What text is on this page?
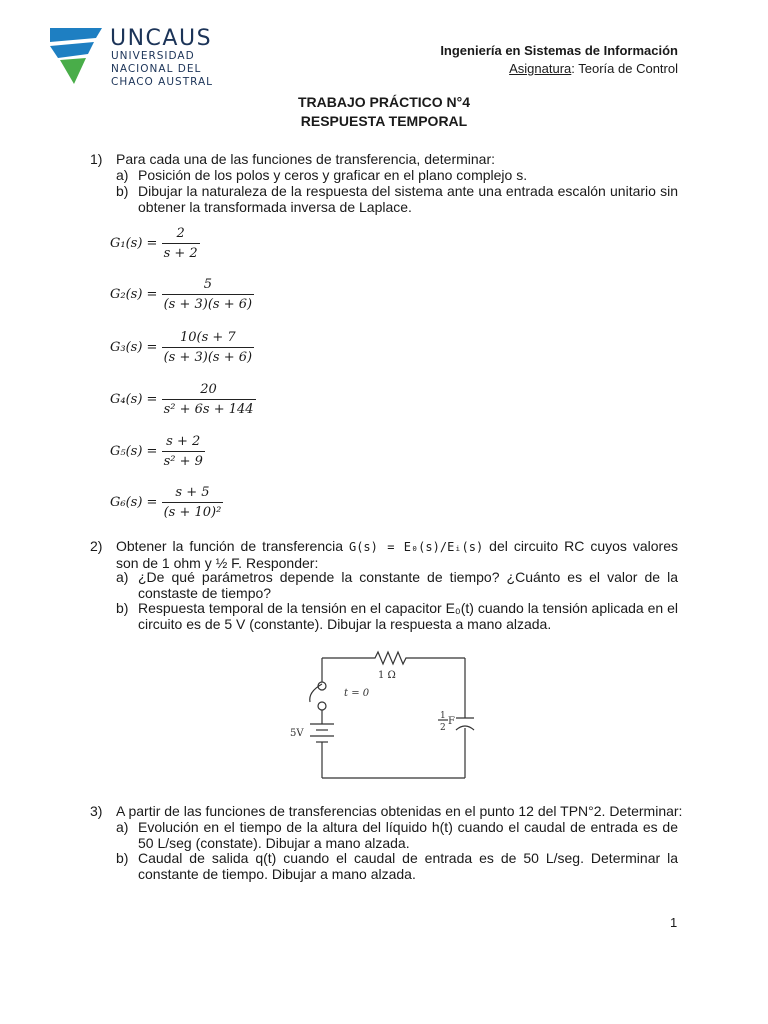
UNCAUS
UNIVERSIDAD
NACIONAL DEL
CHACO AUSTRAL
Ingeniería en Sistemas de Información
Asignatura: Teoría de Control
TRABAJO PRÁCTICO N°4
RESPUESTA TEMPORAL
1) Para cada una de las funciones de transferencia, determinar:
a) Posición de los polos y ceros y graficar en el plano complejo s.
b) Dibujar la naturaleza de la respuesta del sistema ante una entrada escalón unitario sin obtener la transformada inversa de Laplace.
$G_1(s) = \frac{2}{s + 2}$
$G_2(s) = \frac{5}{(s + 3)(s + 6)}$
$G_3(s) = \frac{10(s + 7}{(s + 3)(s + 6)}$
$G_4(s) = \frac{20}{\text{s² + 6s + 144}}$
$G_5(s) = \frac{s + 2}{\text{s² + 9}}$
$G_6(s) = \frac{s + 5}{\text{(s + 10)²}}$
2) Obtener la función de transferencia G(s) = E₀(s)/Eᵢ(s) del circuito RC cuyos valores son de 1 ohm y ½ F. Responder:
a) ¿De qué parámetros depende la constante de tiempo? ¿Cuánto es el valor de la constaste de tiempo?
b) Respuesta temporal de la tensión en el capacitor E₀(t) cuando la tensión aplicada en el circuito es de 5 V (constante). Dibujar la respuesta a mano alzada.
1 Ω
t = 0
5V
1
2
F
3) A partir de las funciones de transferencias obtenidas en el punto 12 del TPN°2. Determinar:
a) Evolución en el tiempo de la altura del líquido h(t) cuando el caudal de entrada es de 50 L/seg (constate). Dibujar a mano alzada.
b) Caudal de salida q(t) cuando el caudal de entrada es de 50 L/seg. Determinar la constante de tiempo. Dibujar a mano alzada.
1
